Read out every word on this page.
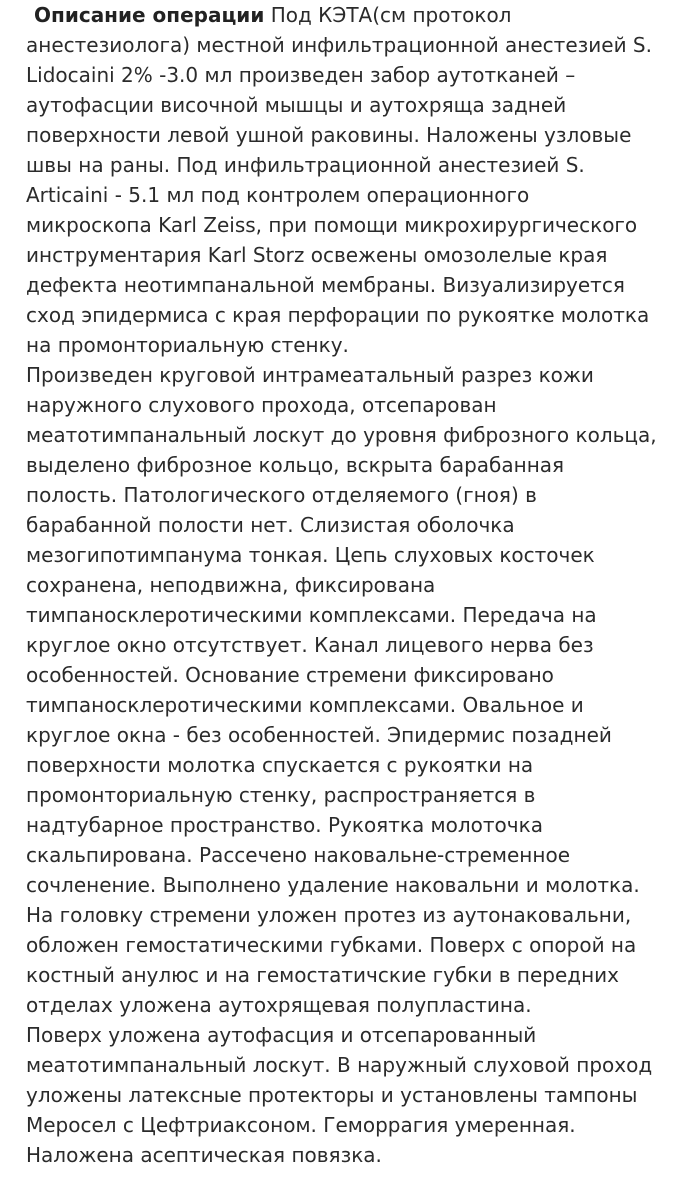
Описание операции Под КЭТА(см протокол
анестезиолога) местной инфильтрационной анестезией S.
Lidocaini 2% -3.0 мл произведен забор аутотканей –
аутофасции височной мышцы и аутохряща задней
поверхности левой ушной раковины. Наложены узловые
швы на раны. Под инфильтрационной анестезией S.
Articaini - 5.1 мл под контролем операционного
микроскопа Karl Zeiss, при помощи микрохирургического
инструментария Karl Storz освежены омозолелые края
дефекта неотимпанальной мембраны. Визуализируется
сход эпидермиса с края перфорации по рукоятке молотка
на промонториальную стенку.
Произведен круговой интрамеатальный разрез кожи
наружного слухового прохода, отсепарован
меатотимпанальный лоскут до уровня фиброзного кольца,
выделено фиброзное кольцо, вскрыта барабанная
полость. Патологического отделяемого (гноя) в
барабанной полости нет. Слизистая оболочка
мезогипотимпанума тонкая. Цепь слуховых косточек
сохранена, неподвижна, фиксирована
тимпаносклеротическими комплексами. Передача на
круглое окно отсутствует. Канал лицевого нерва без
особенностей. Основание стремени фиксировано
тимпаносклеротическими комплексами. Овальное и
круглое окна - без особенностей. Эпидермис позадней
поверхности молотка спускается с рукоятки на
промонториальную стенку, распространяется в
надтубарное пространство. Рукоятка молоточка
скальпирована. Рассечено наковальне-стременное
сочленение. Выполнено удаление наковальни и молотка.
На головку стремени уложен протез из аутонаковальни,
обложен гемостатическими губками. Поверх с опорой на
костный анулюс и на гемостатичские губки в передних
отделах уложена аутохрящевая полупластина.
Поверх уложена аутофасция и отсепарованный
меатотимпанальный лоскут. В наружный слуховой проход
уложены латексные протекторы и установлены тампоны
Меросел с Цефтриаксоном. Геморрагия умеренная.
Наложена асептическая повязка.
